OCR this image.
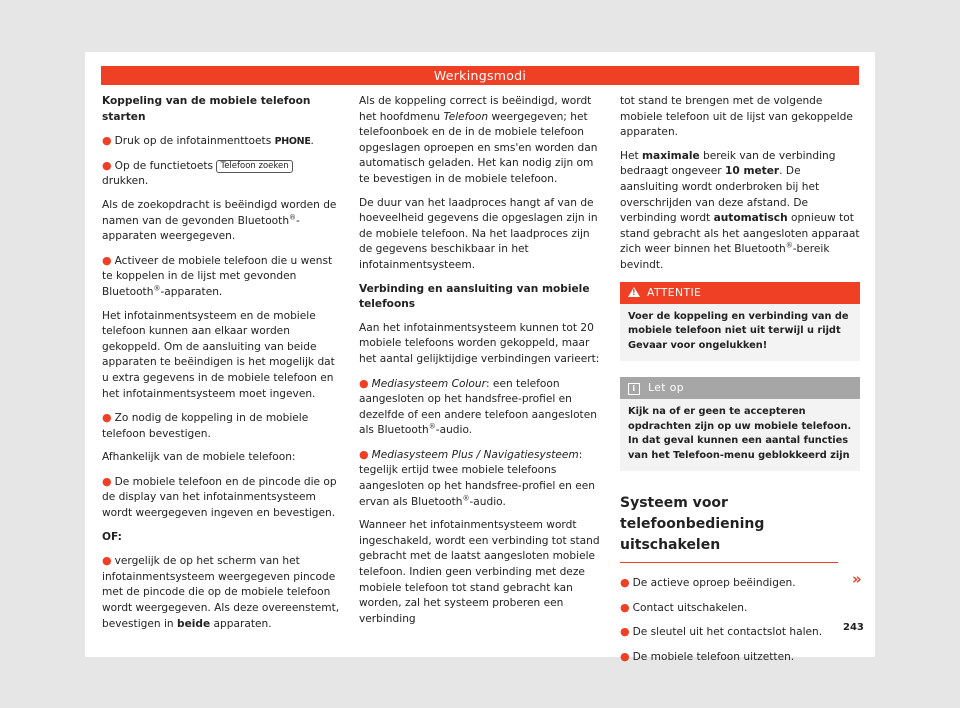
Werkingsmodi

Koppeling van de mobiele telefoon starten

● Druk op de infotainmenttoets PHONE.

● Op de functietoets Telefoon zoeken drukken.

Als de zoekopdracht is beëindigd worden de namen van de gevonden Bluetooth®-apparaten weergegeven.

● Activeer de mobiele telefoon die u wenst te koppelen in de lijst met gevonden Bluetooth®-apparaten.

Het infotainmentsysteem en de mobiele telefoon kunnen aan elkaar worden gekoppeld. Om de aansluiting van beide apparaten te beëindigen is het mogelijk dat u extra gegevens in de mobiele telefoon en het infotainmentsysteem moet ingeven.

● Zo nodig de koppeling in de mobiele telefoon bevestigen.

Afhankelijk van de mobiele telefoon:

● De mobiele telefoon en de pincode die op de display van het infotainmentsysteem wordt weergegeven ingeven en bevestigen.

OF:

● vergelijk de op het scherm van het infotainmentsysteem weergegeven pincode met de pincode die op de mobiele telefoon wordt weergegeven. Als deze overeenstemt, bevestigen in beide apparaten.

Als de koppeling correct is beëindigd, wordt het hoofdmenu Telefoon weergegeven; het telefoonboek en de in de mobiele telefoon opgeslagen oproepen en sms'en worden dan automatisch geladen. Het kan nodig zijn om te bevestigen in de mobiele telefoon.

De duur van het laadproces hangt af van de hoeveelheid gegevens die opgeslagen zijn in de mobiele telefoon. Na het laadproces zijn de gegevens beschikbaar in het infotainmentsysteem.

Verbinding en aansluiting van mobiele telefoons

Aan het infotainmentsysteem kunnen tot 20 mobiele telefoons worden gekoppeld, maar het aantal gelijktijdige verbindingen varieert:

● Mediasysteem Colour: een telefoon aangesloten op het handsfree-profiel en dezelfde of een andere telefoon aangesloten als Bluetooth®-audio.

● Mediasysteem Plus / Navigatiesysteem: tegelijk ertijd twee mobiele telefoons aangesloten op het handsfree-profiel en een ervan als Bluetooth®-audio.

Wanneer het infotainmentsysteem wordt ingeschakeld, wordt een verbinding tot stand gebracht met de laatst aangesloten mobiele telefoon. Indien geen verbinding met deze mobiele telefoon tot stand gebracht kan worden, zal het systeem proberen een verbinding

tot stand te brengen met de volgende mobiele telefoon uit de lijst van gekoppelde apparaten.

Het maximale bereik van de verbinding bedraagt ongeveer 10 meter. De aansluiting wordt onderbroken bij het overschrijden van deze afstand. De verbinding wordt automatisch opnieuw tot stand gebracht als het aangesloten apparaat zich weer binnen het Bluetooth®-bereik bevindt.

!ATTENTIE
Voer de koppeling en verbinding van de mobiele telefoon niet uit terwijl u rijdt Gevaar voor ongelukken!
i Let op
Kijk na of er geen te accepteren opdrachten zijn op uw mobiele telefoon. In dat geval kunnen een aantal functies van het Telefoon-menu geblokkeerd zijn
Systeem voor telefoonbediening uitschakelen

● De actieve oproep beëindigen.

● Contact uitschakelen.

● De sleutel uit het contactslot halen.

● De mobiele telefoon uitzetten.

»
243
